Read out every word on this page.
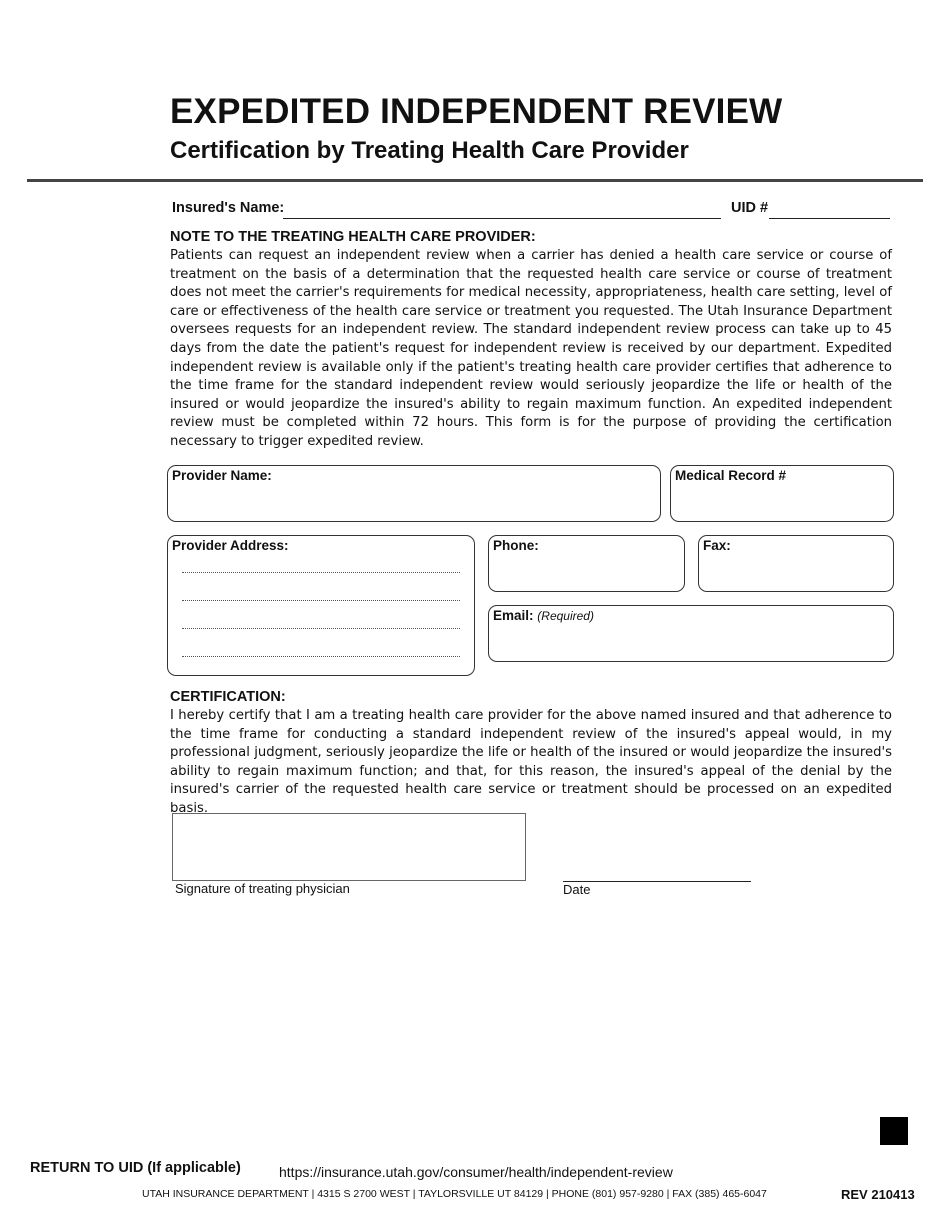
EXPEDITED INDEPENDENT REVIEW
Certification by Treating Health Care Provider
Insured's Name:	UID #
NOTE TO THE TREATING HEALTH CARE PROVIDER:
Patients can request an independent review when a carrier has denied a health care service or course of treatment on the basis of a determination that the requested health care service or course of treatment does not meet the carrier's requirements for medical necessity, appropriateness, health care setting, level of care or effectiveness of the health care service or treatment you requested. The Utah Insurance Department oversees requests for an independent review. The standard independent review process can take up to 45 days from the date the patient's request for independent review is received by our department. Expedited independent review is available only if the patient's treating health care provider certifies that adherence to the time frame for the standard independent review would seriously jeopardize the life or health of the insured or would jeopardize the insured's ability to regain maximum function. An expedited independent review must be completed within 72 hours. This form is for the purpose of providing the certification necessary to trigger expedited review.
Provider Name:	Medical Record #
Provider Address:	Phone:	Fax:
Email: (Required)
CERTIFICATION:
I hereby certify that I am a treating health care provider for the above named insured and that adherence to the time frame for conducting a standard independent review of the insured's appeal would, in my professional judgment, seriously jeopardize the life or health of the insured or would jeopardize the insured's ability to regain maximum function; and that, for this reason, the insured's appeal of the denial by the insured's carrier of the requested health care service or treatment should be processed on an expedited basis.
Signature of treating physician	Date
RETURN TO UID (If applicable)	https://insurance.utah.gov/consumer/health/independent-review
UTAH INSURANCE DEPARTMENT | 4315 S 2700 WEST | TAYLORSVILLE UT 84129 | PHONE (801) 957-9280 | FAX (385) 465-6047	REV 210413
